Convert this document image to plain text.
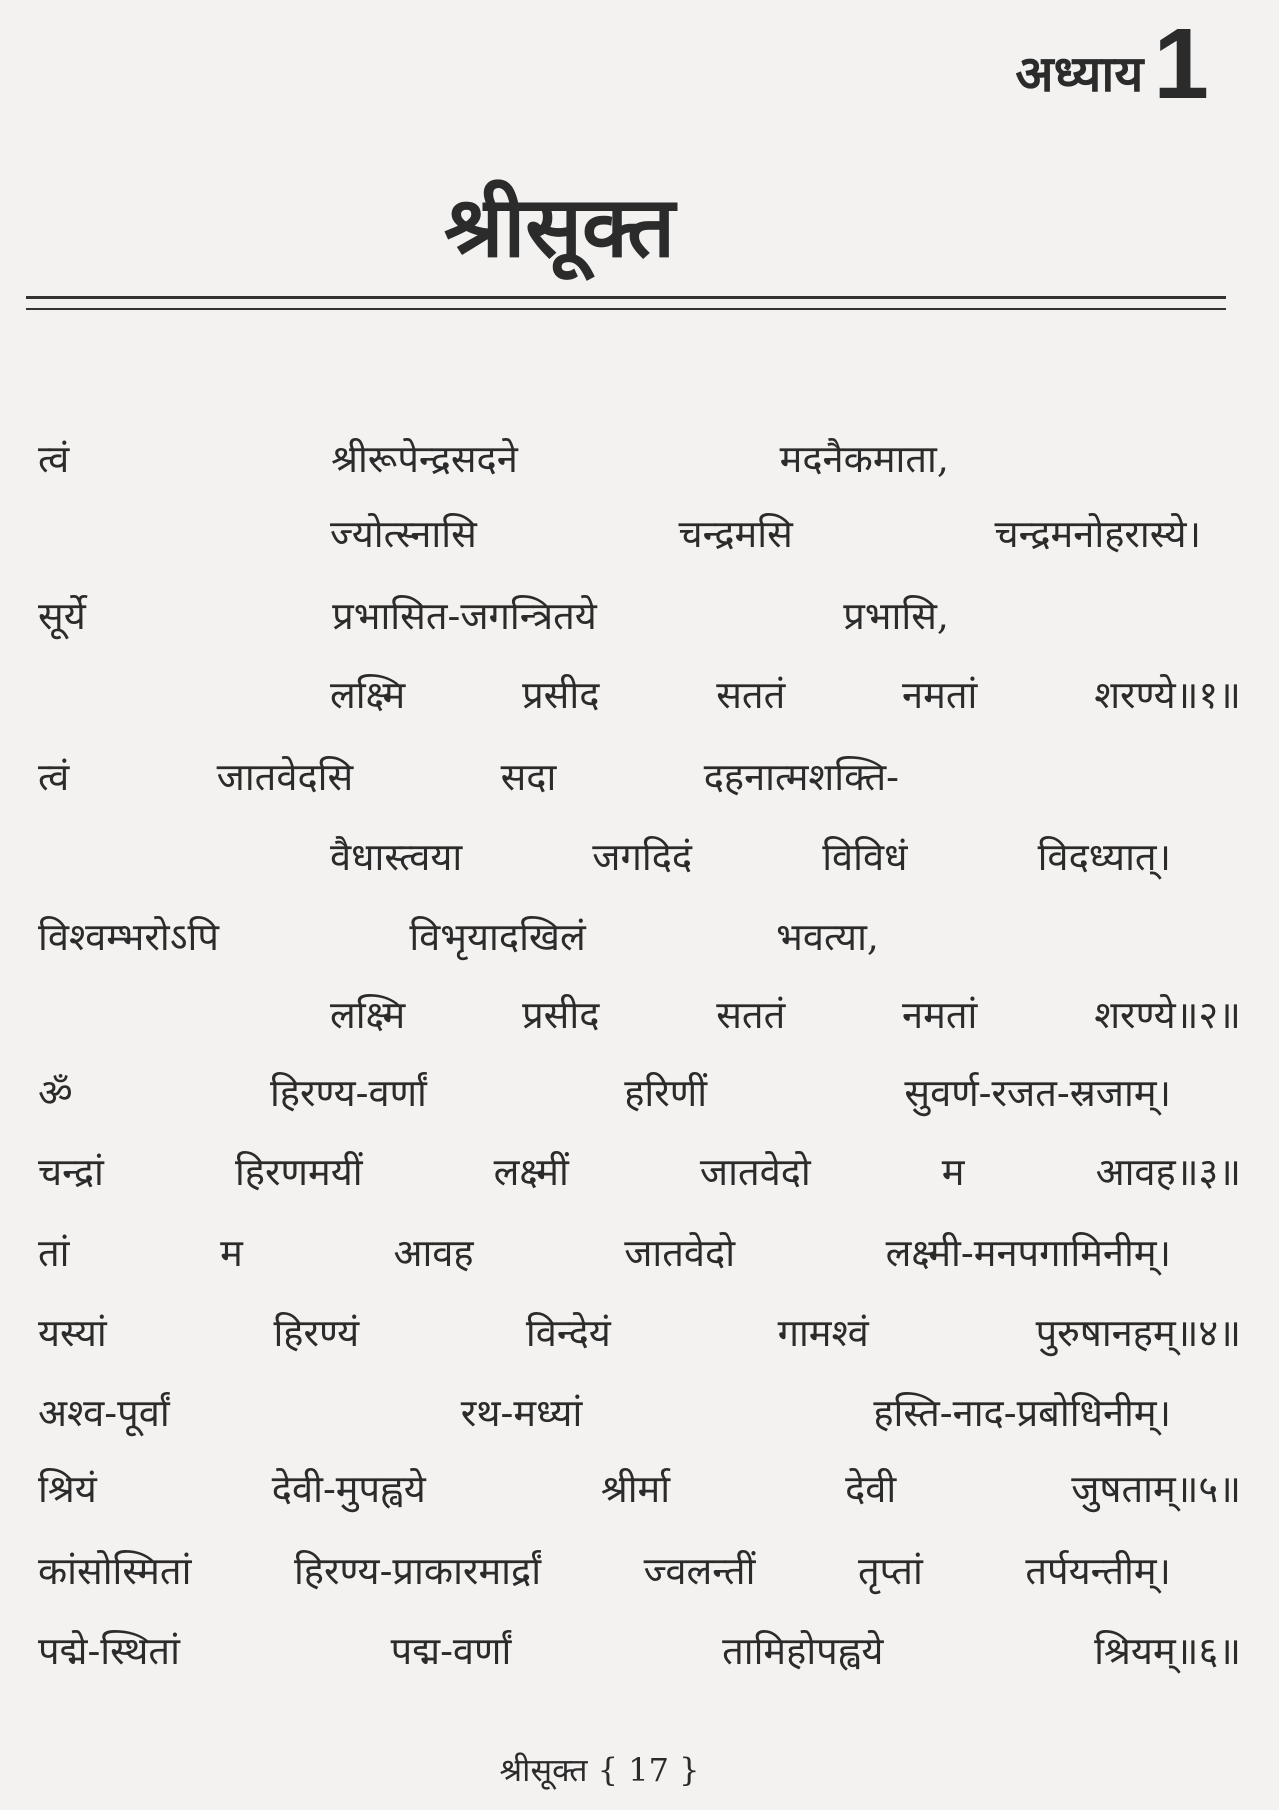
अध्याय 1
श्रीसूक्त
त्वं	श्रीरूपेन्द्रसदने	मदनैकमाता,
ज्योत्स्नासि	चन्द्रमसि	चन्द्रमनोहरास्ये।
सूर्ये	प्रभासित-जगन्त्रितये	प्रभासि,
लक्ष्मि	प्रसीद	सततं	नमतां	शरण्ये॥१॥
त्वं	जातवेदसि	सदा	दहनात्मशक्ति-
वैधास्त्वया	जगदिदं	विविधं	विदध्यात्।
विश्वम्भरोऽपि	विभृयादखिलं	भवत्या,
लक्ष्मि	प्रसीद	सततं	नमतां	शरण्ये॥२॥
ॐ	हिरण्य-वर्णां	हरिणीं	सुवर्ण-रजत-स्रजाम्।
चन्द्रां	हिरणमयीं	लक्ष्मीं	जातवेदो	म	आवह॥३॥
तां	म	आवह	जातवेदो	लक्ष्मी-मनपगामिनीम्।
यस्यां	हिरण्यं	विन्देयं	गामश्वं	पुरुषानहम्॥४॥
अश्व-पूर्वां	रथ-मध्यां	हस्ति-नाद-प्रबोधिनीम्।
श्रियं	देवी-मुपह्वये	श्रीर्मा	देवी	जुषताम्॥५॥
कांसोस्मितां	हिरण्य-प्राकारमार्द्रां	ज्वलन्तीं	तृप्तां	तर्पयन्तीम्।
पद्मे-स्थितां	पद्म-वर्णां	तामिहोपह्वये	श्रियम्॥६॥
श्रीसूक्त { 17 }
